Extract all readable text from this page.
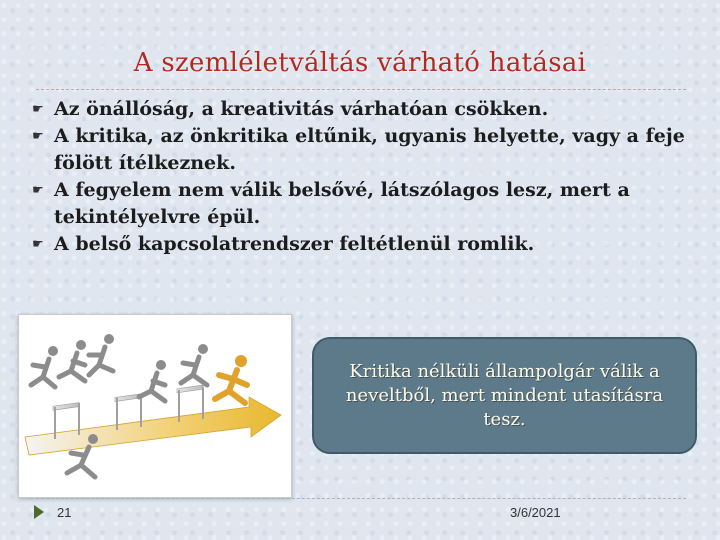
A szemléletváltás várható hatásai
☛ Az önállóság, a kreativitás várhatóan csökken.
☛ A kritika, az önkritika eltűnik, ugyanis helyette, vagy a feje fölött ítélkeznek.
☛ A fegyelem nem válik belsővé, látszólagos lesz, mert a tekintélyelvre épül.
☛ A belső kapcsolatrendszer feltétlenül romlik.
Kritika nélküli állampolgár válik a neveltből, mert mindent utasításra tesz.
21	3/6/2021
